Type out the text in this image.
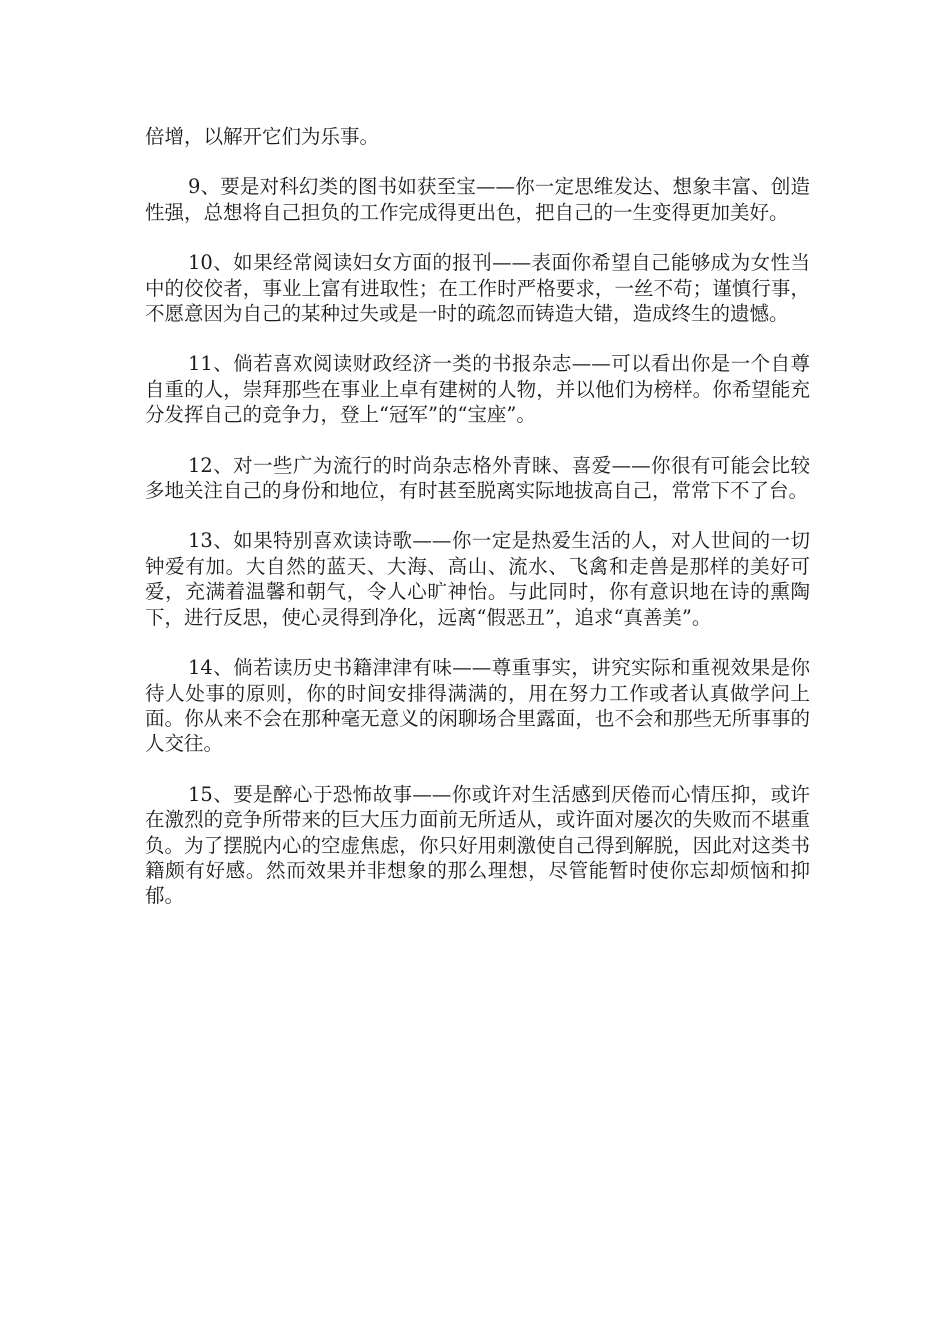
倍增，以解开它们为乐事。

9、要是对科幻类的图书如获至宝——你一定思维发达、想象丰富、创造性强，总想将自己担负的工作完成得更出色，把自己的一生变得更加美好。

10、如果经常阅读妇女方面的报刊——表面你希望自己能够成为女性当中的佼佼者，事业上富有进取性；在工作时严格要求，一丝不苟；谨慎行事，不愿意因为自己的某种过失或是一时的疏忽而铸造大错，造成终生的遗憾。

11、倘若喜欢阅读财政经济一类的书报杂志——可以看出你是一个自尊自重的人，崇拜那些在事业上卓有建树的人物，并以他们为榜样。你希望能充分发挥自己的竞争力，登上“冠军”的“宝座”。

12、对一些广为流行的时尚杂志格外青睐、喜爱——你很有可能会比较多地关注自己的身份和地位，有时甚至脱离实际地拔高自己，常常下不了台。

13、如果特别喜欢读诗歌——你一定是热爱生活的人，对人世间的一切钟爱有加。大自然的蓝天、大海、高山、流水、飞禽和走兽是那样的美好可爱，充满着温馨和朝气，令人心旷神怡。与此同时，你有意识地在诗的熏陶下，进行反思，使心灵得到净化，远离“假恶丑”，追求“真善美”。

14、倘若读历史书籍津津有味——尊重事实，讲究实际和重视效果是你待人处事的原则，你的时间安排得满满的，用在努力工作或者认真做学问上面。你从来不会在那种毫无意义的闲聊场合里露面，也不会和那些无所事事的人交往。

15、要是醉心于恐怖故事——你或许对生活感到厌倦而心情压抑，或许在激烈的竞争所带来的巨大压力面前无所适从，或许面对屡次的失败而不堪重负。为了摆脱内心的空虚焦虑，你只好用刺激使自己得到解脱，因此对这类书籍颇有好感。然而效果并非想象的那么理想，尽管能暂时使你忘却烦恼和抑郁。
